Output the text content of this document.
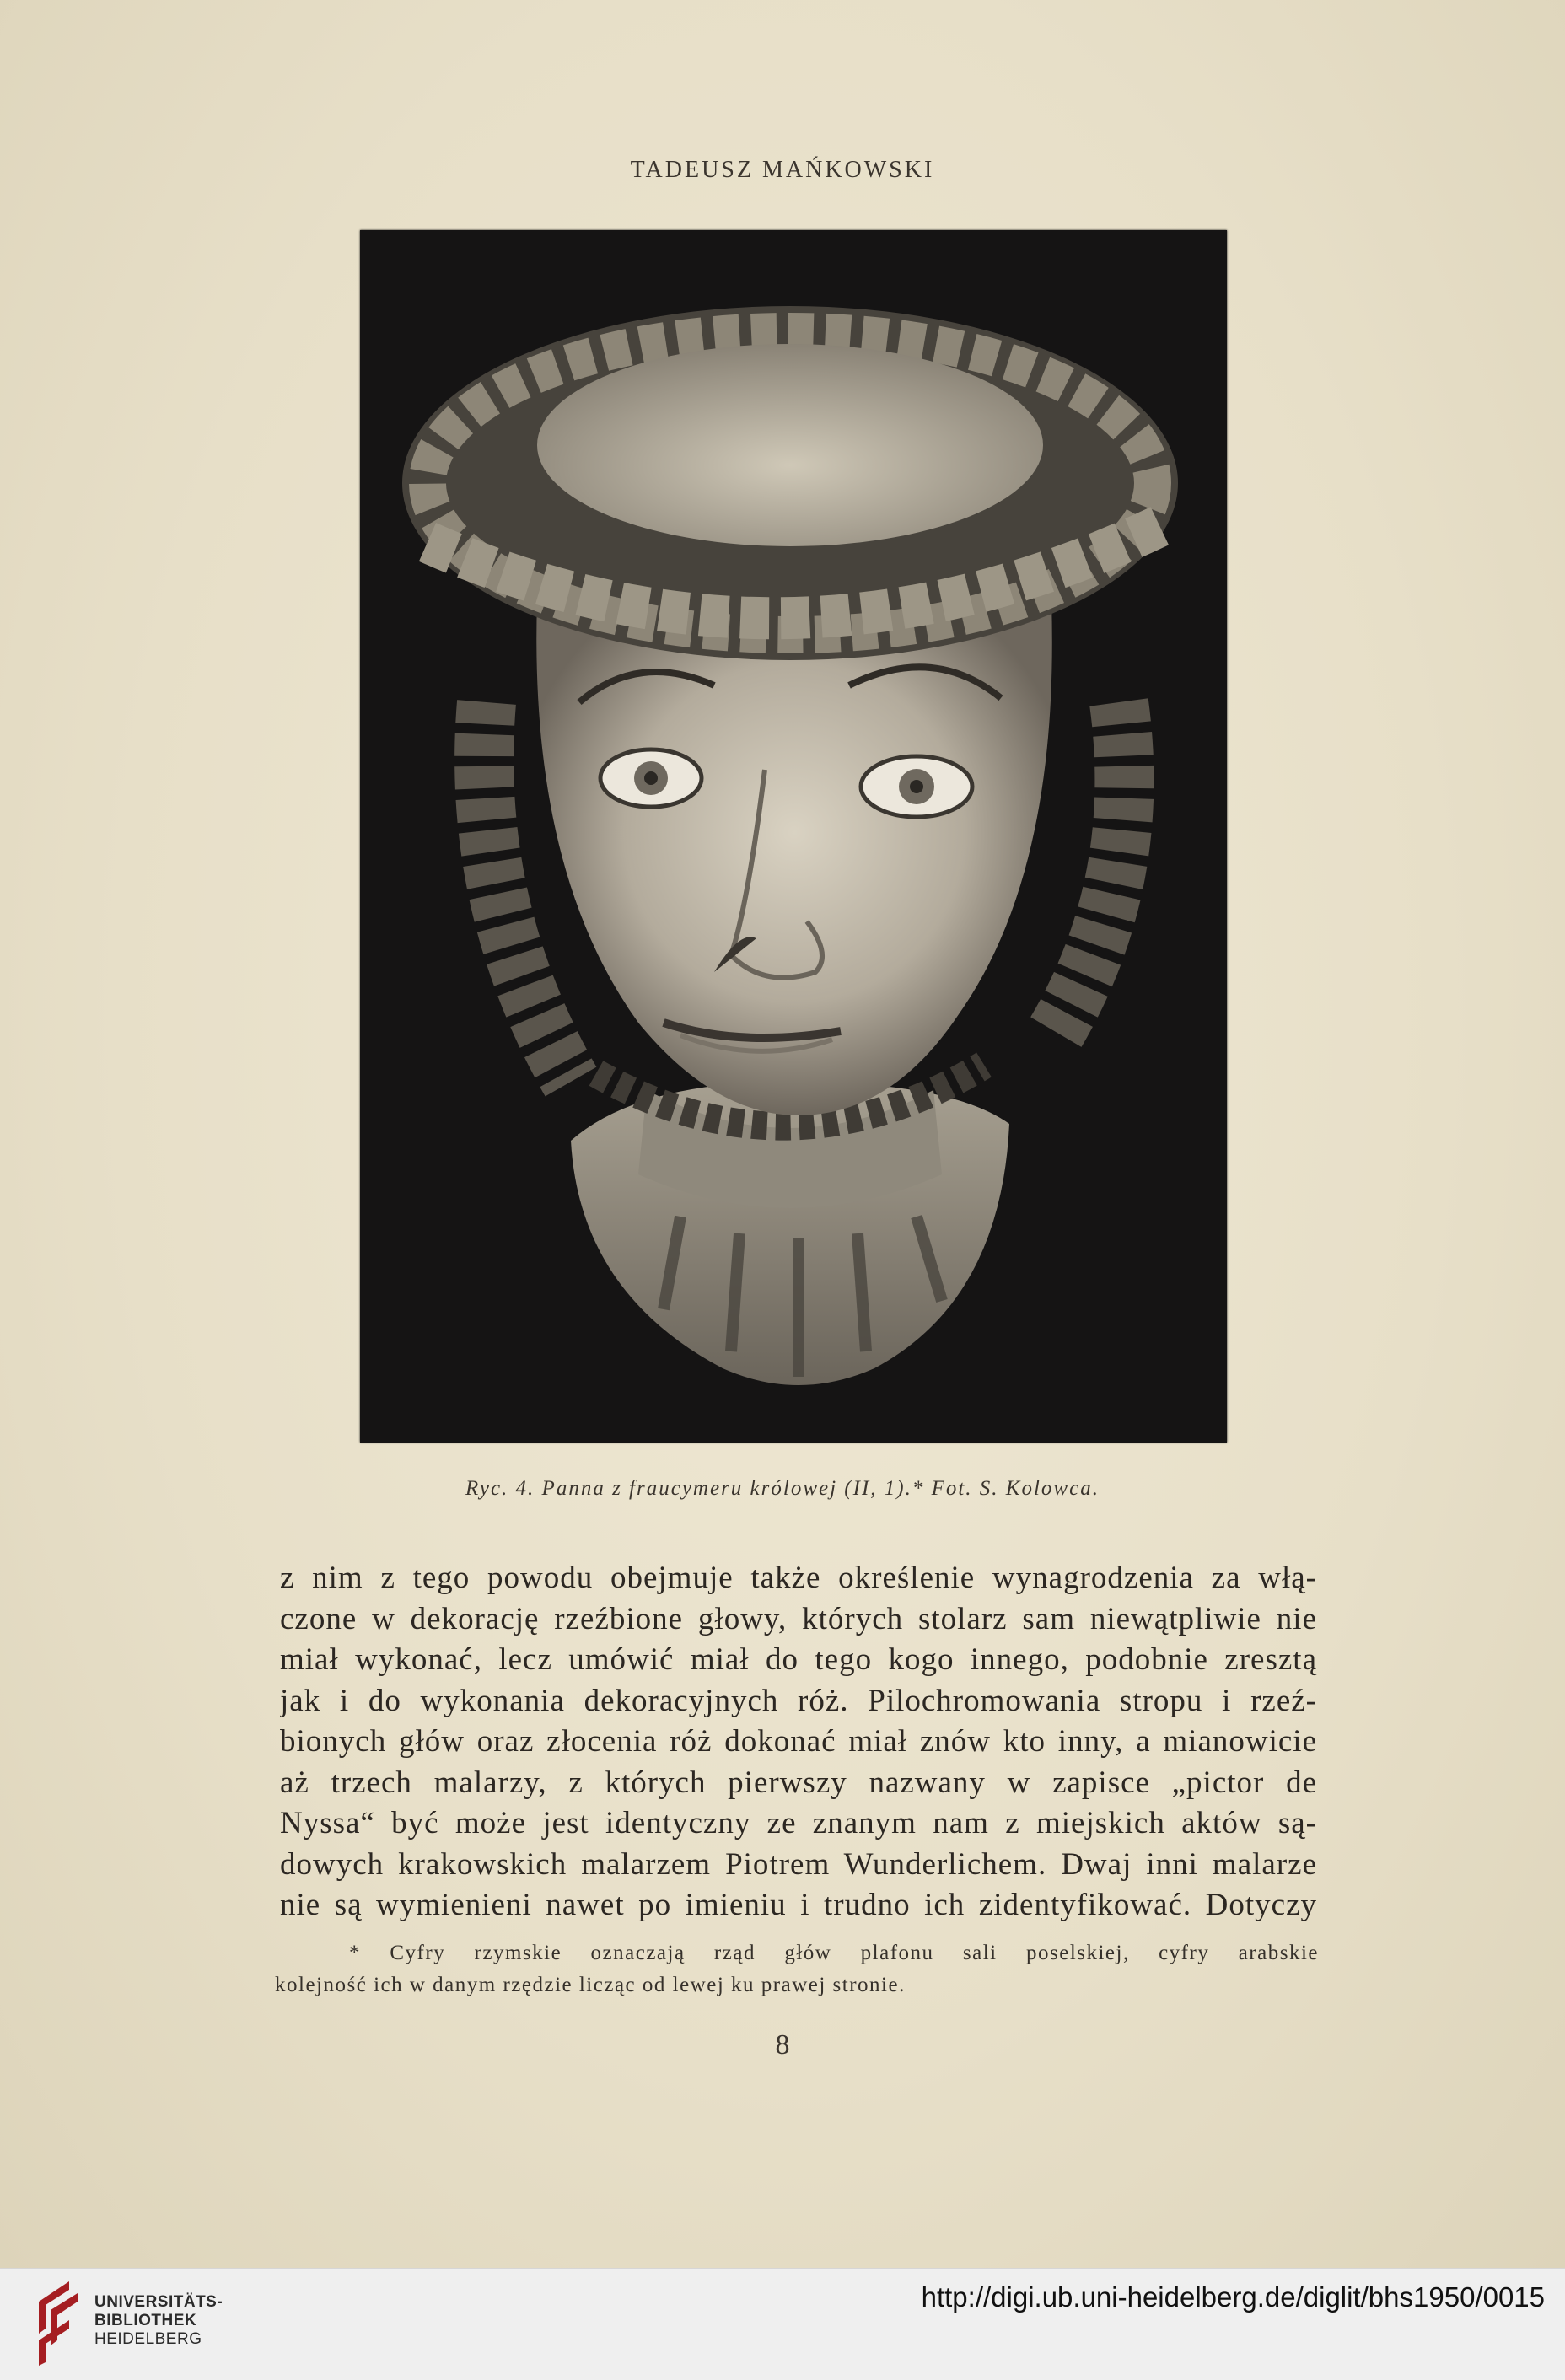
TADEUSZ MAŃKOWSKI
Ryc. 4. Panna z fraucymeru królowej (II, 1).* Fot. S. Kolowca.
z nim z tego powodu obejmuje także określenie wynagrodzenia za włą-
czone w dekorację rzeźbione głowy, których stolarz sam niewątpliwie nie
miał wykonać, lecz umówić miał do tego kogo innego, podobnie zresztą
jak i do wykonania dekoracyjnych róż. Pilochromowania stropu i rzeź-
bionych głów oraz złocenia róż dokonać miał znów kto inny, a mianowicie
aż trzech malarzy, z których pierwszy nazwany w zapisce „pictor de
Nyssa“ być może jest identyczny ze znanym nam z miejskich aktów są-
dowych krakowskich malarzem Piotrem Wunderlichem. Dwaj inni malarze
nie są wymienieni nawet po imieniu i trudno ich zidentyfikować. Dotyczy
* Cyfry rzymskie oznaczają rząd głów plafonu sali poselskiej, cyfry arabskie
kolejność ich w danym rzędzie licząc od lewej ku prawej stronie.
8
UNIVERSITÄTS-
BIBLIOTHEK
HEIDELBERG
http://digi.ub.uni-heidelberg.de/diglit/bhs1950/0015
